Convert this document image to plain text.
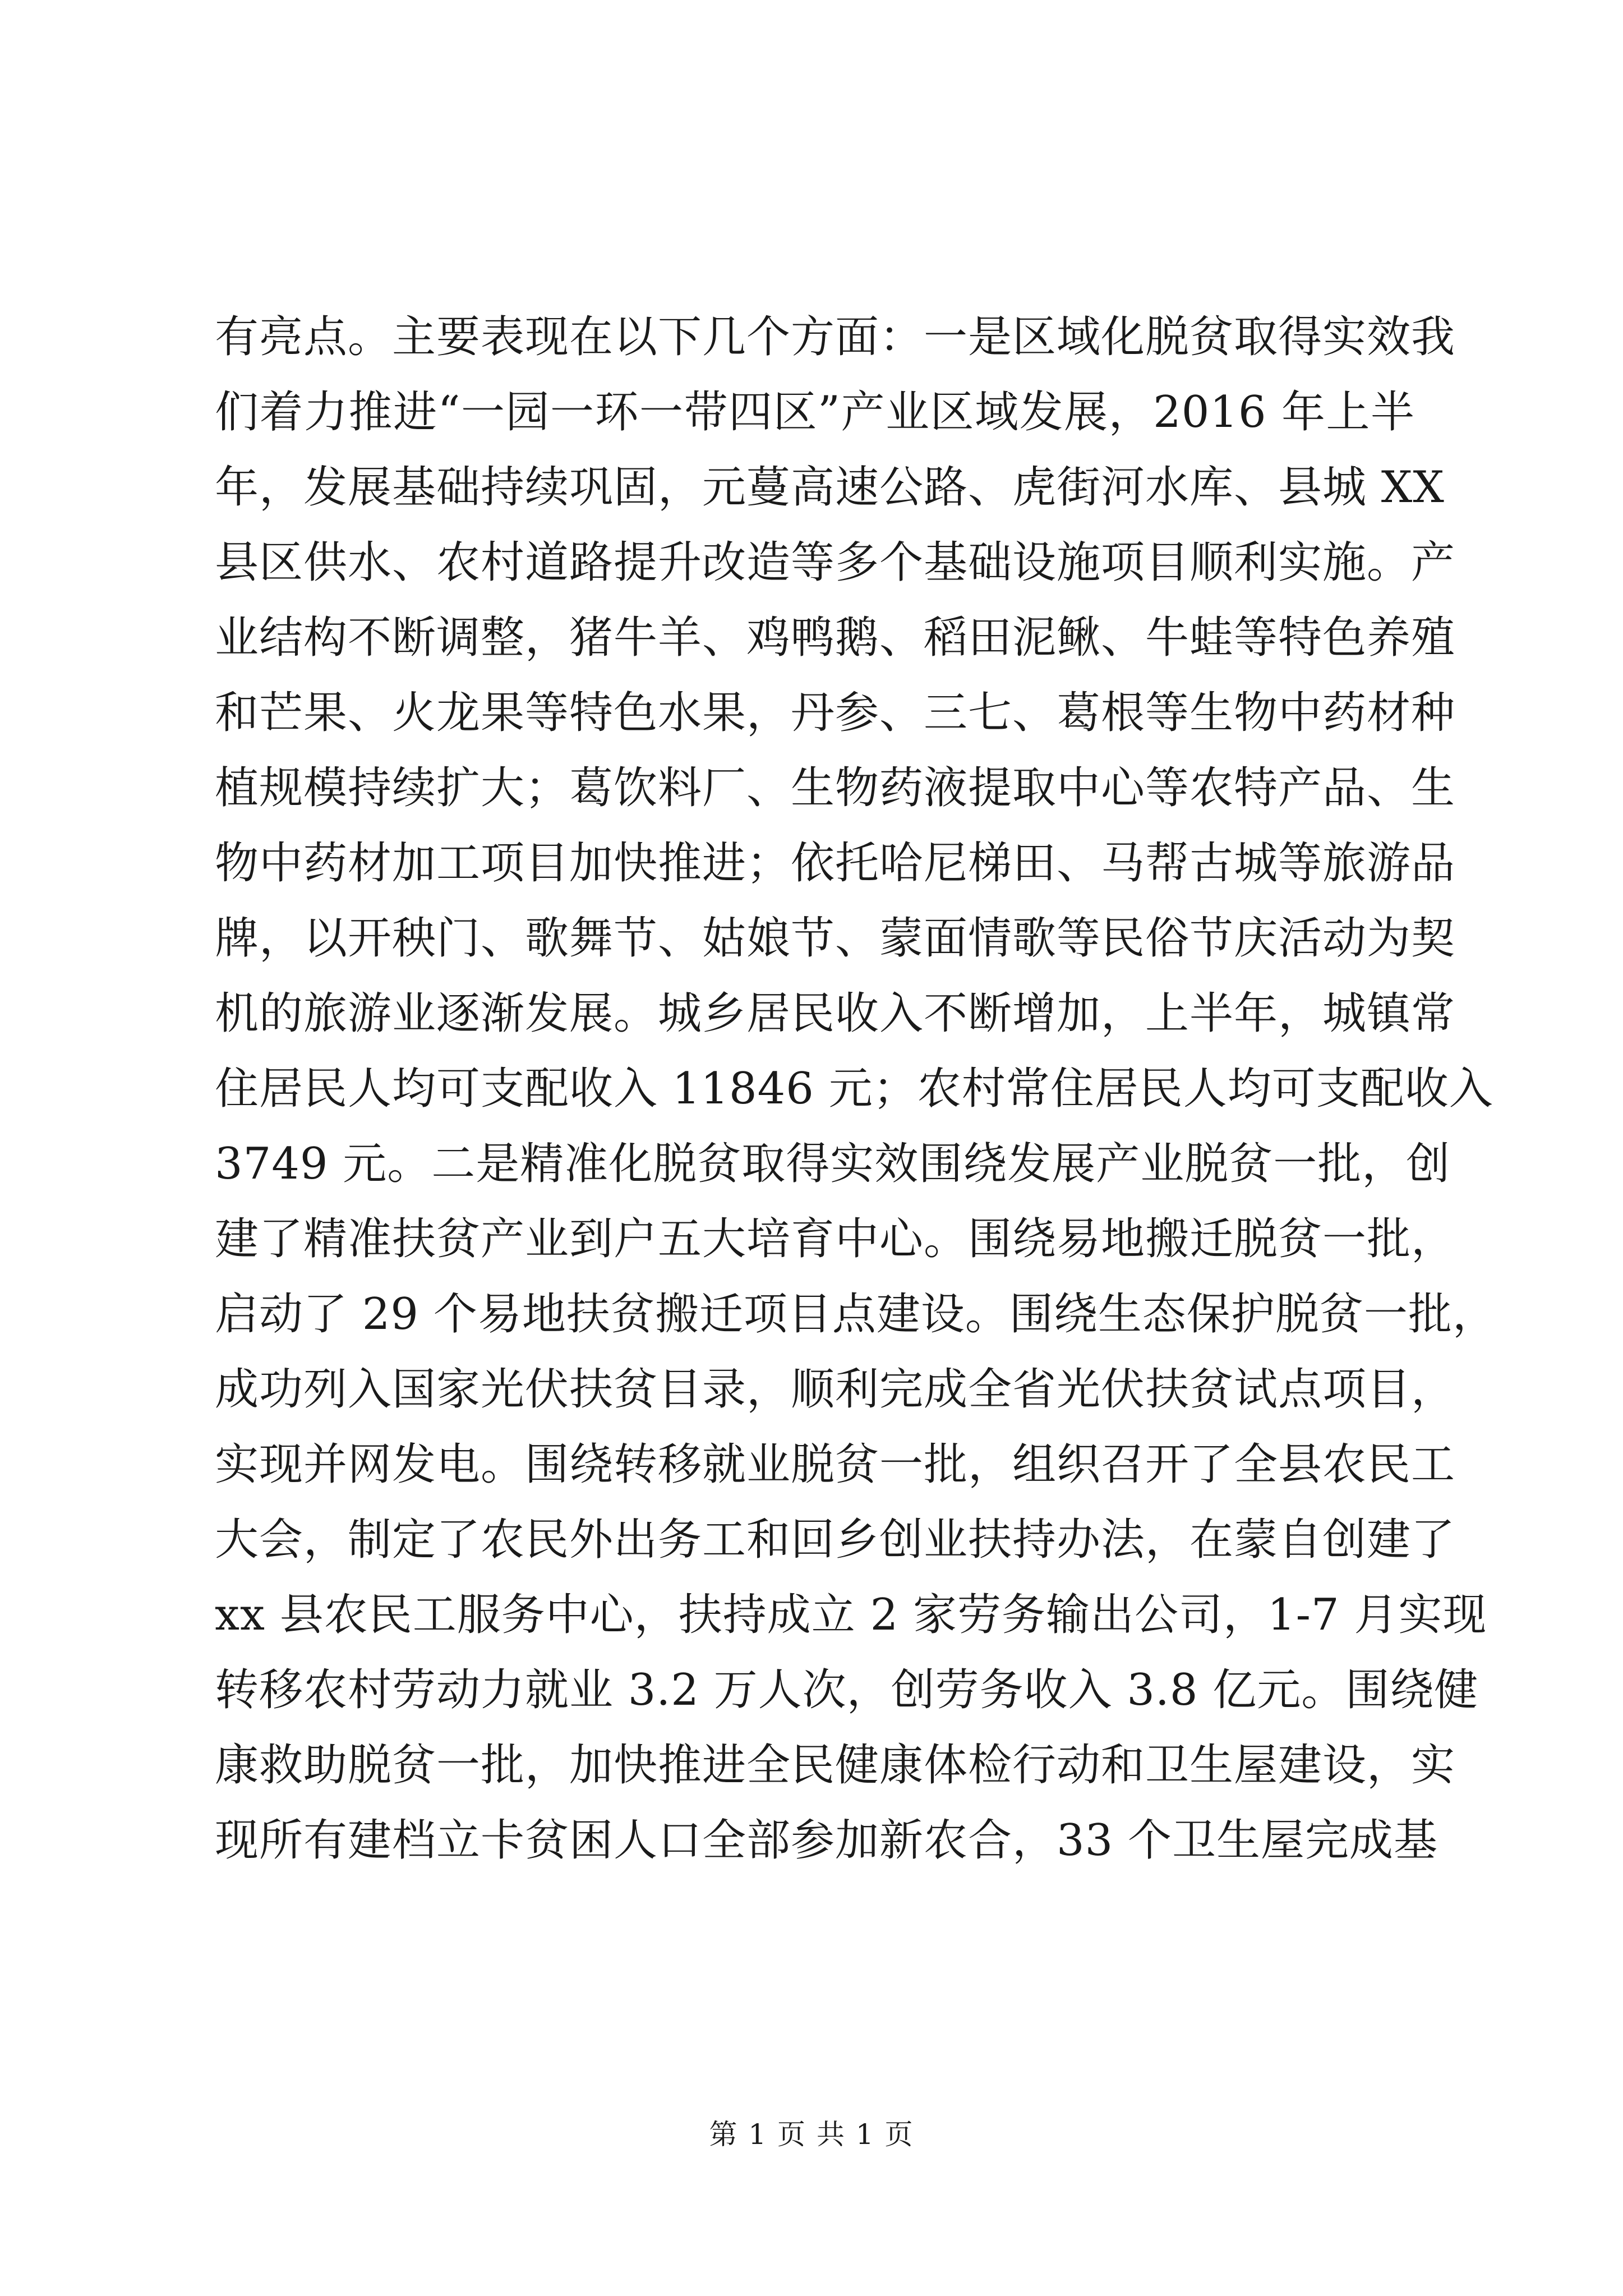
有亮点。主要表现在以下几个方面：一是区域化脱贫取得实效我
们着力推进“一园一环一带四区”产业区域发展，2016 年上半
年，发展基础持续巩固，元蔓高速公路、虎街河水库、县城 XX
县区供水、农村道路提升改造等多个基础设施项目顺利实施。产
业结构不断调整，猪牛羊、鸡鸭鹅、稻田泥鳅、牛蛙等特色养殖
和芒果、火龙果等特色水果，丹参、三七、葛根等生物中药材种
植规模持续扩大；葛饮料厂、生物药液提取中心等农特产品、生
物中药材加工项目加快推进；依托哈尼梯田、马帮古城等旅游品
牌，以开秧门、歌舞节、姑娘节、蒙面情歌等民俗节庆活动为契
机的旅游业逐渐发展。城乡居民收入不断增加，上半年，城镇常
住居民人均可支配收入 11846 元；农村常住居民人均可支配收入
3749 元。二是精准化脱贫取得实效围绕发展产业脱贫一批，创
建了精准扶贫产业到户五大培育中心。围绕易地搬迁脱贫一批，
启动了 29 个易地扶贫搬迁项目点建设。围绕生态保护脱贫一批，
成功列入国家光伏扶贫目录，顺利完成全省光伏扶贫试点项目，
实现并网发电。围绕转移就业脱贫一批，组织召开了全县农民工
大会，制定了农民外出务工和回乡创业扶持办法，在蒙自创建了
xx 县农民工服务中心，扶持成立 2 家劳务输出公司，1-7 月实现
转移农村劳动力就业 3.2 万人次，创劳务收入 3.8 亿元。围绕健
康救助脱贫一批，加快推进全民健康体检行动和卫生屋建设，实
现所有建档立卡贫困人口全部参加新农合，33 个卫生屋完成基
第 1 页 共 1 页
